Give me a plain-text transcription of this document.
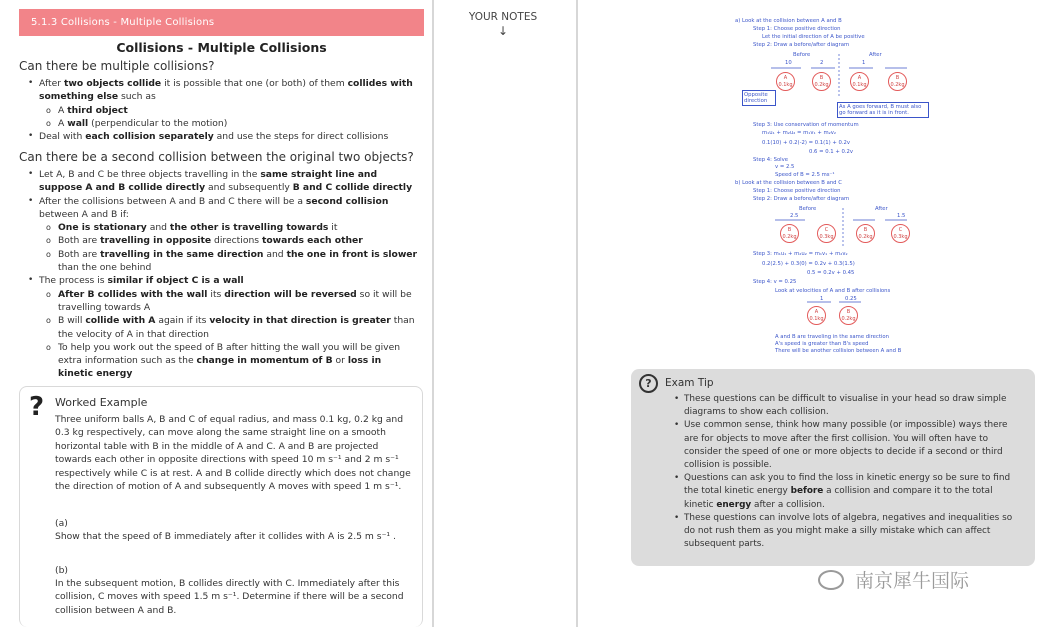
5.1.3 Collisions - Multiple Collisions
Collisions - Multiple Collisions
Can there be multiple collisions?
• After two objects collide it is possible that one (or both) of them collides with something else such as
o A third object
o A wall (perpendicular to the motion)
• Deal with each collision separately and use the steps for direct collisions
Can there be a second collision between the original two objects?
• Let A, B and C be three objects travelling in the same straight line and suppose A and B collide directly and subsequently B and C collide directly
• After the collisions between A and B and C there will be a second collision between A and B if:
o One is stationary and the other is travelling towards it
o Both are travelling in opposite directions towards each other
o Both are travelling in the same direction and the one in front is slower than the one behind
• The process is similar if object C is a wall
o After B collides with the wall its direction will be reversed so it will be travelling towards A
o B will collide with A again if its velocity in that direction is greater than the velocity of A in that direction
o To help you work out the speed of B after hitting the wall you will be given extra information such as the change in momentum of B or loss in kinetic energy
? Worked Example
Three uniform balls A, B and C of equal radius, and mass 0.1 kg, 0.2 kg and 0.3 kg respectively, can move along the same straight line on a smooth horizontal table with B in the middle of A and C. A and B are projected towards each other in opposite directions with speed 10 m s⁻¹ and 2 m s⁻¹ respectively while C is at rest. A and B collide directly which does not change the direction of motion of A and subsequently A moves with speed 1 m s⁻¹.
(a)
Show that the speed of B immediately after it collides with A is 2.5 m s⁻¹ .
(b)
In the subsequent motion, B collides directly with C. Immediately after this collision, C moves with speed 1.5 m s⁻¹. Determine if there will be a second collision between A and B.
YOUR NOTES
↓
a) Look at the collision between A and B
Step 1: Choose positive direction
Let the initial direction of A be positive
Step 2: Draw a before/after diagram
Before	After
10	2	1
A 0.1kg
B 0.2kg
A 0.1kg
B 0.2kg
Opposite direction
As A goes forward, B must also go forward as it is in front.
Step 3: Use conservation of momentum
m₁u₁ + m₂u₂ = m₁v₁ + m₂v₂
0.1(10) + 0.2(-2) = 0.1(1) + 0.2v
0.6 = 0.1 + 0.2v
Step 4: Solve
v = 2.5
Speed of B = 2.5 ms⁻¹
b) Look at the collision between B and C
Step 1: Choose positive direction
Step 2: Draw a before/after diagram
Before	After
2.5	1.5
B 0.2kg
C 0.3kg
B 0.2kg
C 0.3kg
Step 3: m₁u₁ + m₂u₂ = m₁v₁ + m₂v₂
0.2(2.5) + 0.3(0) = 0.2v + 0.3(1.5)
0.5 = 0.2v + 0.45
Step 4: v = 0.25
Look at velocities of A and B after collisions
1	0.25
A 0.1kg
B 0.2kg
A and B are traveling in the same direction
A's speed is greater than B's speed
There will be another collision between A and B
?	Exam Tip
• These questions can be difficult to visualise in your head so draw simple diagrams to show each collision.
• Use common sense, think how many possible (or impossible) ways there are for objects to move after the first collision. You will often have to consider the speed of one or more objects to decide if a second or third collision is possible.
• Questions can ask you to find the loss in kinetic energy so be sure to find the total kinetic energy before a collision and compare it to the total kinetic energy after a collision.
• These questions can involve lots of algebra, negatives and inequalities so do not rush them as you might make a silly mistake which can affect subsequent parts.
南京犀牛国际
